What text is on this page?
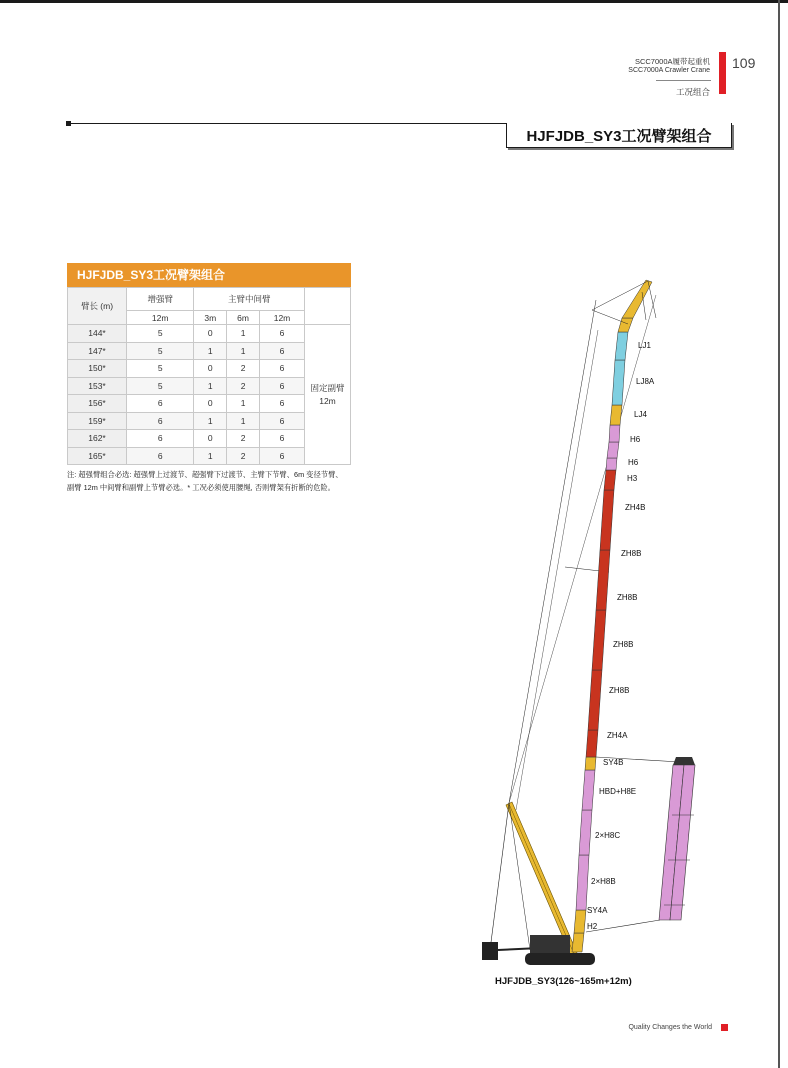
SCC7000A履带起重机
SCC7000A Crawler Crane
工况组合
109
HJFJDB_SY3工况臂架组合
HJFJDB_SY3工况臂架组合
臂长 (m)	增强臂	主臂中间臂			
	12m	3m	6m	12m	
144*	5	0	1	6	固定副臂
12m
147*	5	1	1	6	
150*	5	0	2	6	
153*	5	1	2	6	
156*	6	0	1	6	
159*	6	1	1	6	
162*	6	0	2	6	
165*	6	1	2	6	
注: 超强臂组合必选: 超强臂上过渡节、超强臂下过渡节、主臂下节臂、6m 变径节臂、
副臂 12m 中间臂和副臂上节臂必选。* 工况必须使用腰绳, 否则臂架有折断的危险。
LJ1
LJ8A
LJ4
H6
H6
H3
ZH4B
ZH8B
ZH8B
ZH8B
ZH8B
ZH4A
SY4B
HBD+H8E
2×H8C
2×H8B
SY4A
H2
HJFJDB_SY3(126~165m+12m)
Quality Changes the World
